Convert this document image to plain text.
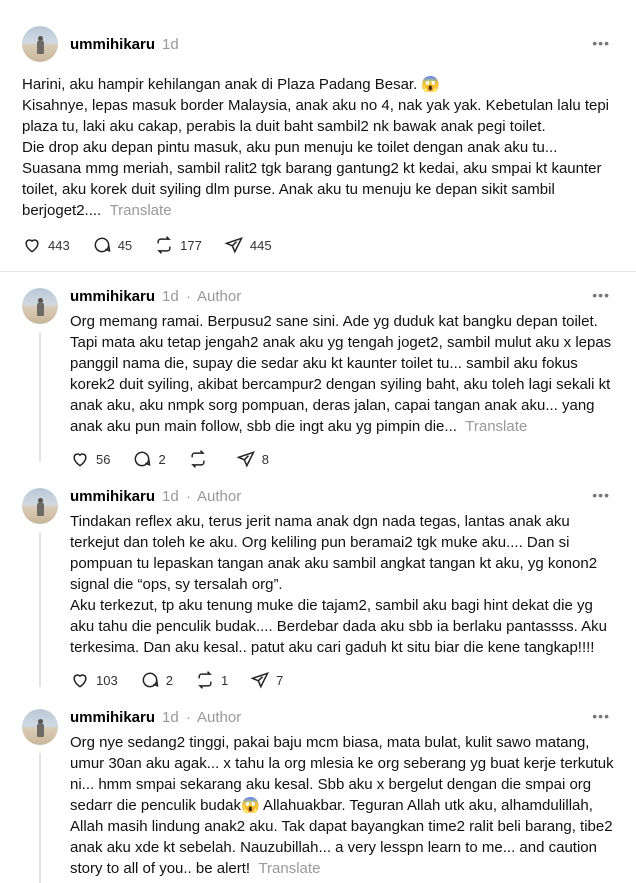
ummihikaru 1d	•••
Harini, aku hampir kehilangan anak di Plaza Padang Besar. 😱
Kisahnye, lepas masuk border Malaysia, anak aku no 4, nak yak yak. Kebetulan lalu tepi plaza tu, laki aku cakap, perabis la duit baht sambil2 nk bawak anak pegi toilet.
Die drop aku depan pintu masuk, aku pun menuju ke toilet dengan anak aku tu...
Suasana mmg meriah, sambil ralit2 tgk barang gantung2 kt kedai, aku smpai kt kaunter toilet, aku korek duit syiling dlm purse. Anak aku tu menuju ke depan sikit sambil berjoget2.... Translate
443	45	177	445
ummihikaru 1d · Author	•••
Org memang ramai. Berpusu2 sane sini. Ade yg duduk kat bangku depan toilet. Tapi mata aku tetap jengah2 anak aku yg tengah joget2, sambil mulut aku x lepas panggil nama die, supay die sedar aku kt kaunter toilet tu... sambil aku fokus korek2 duit syiling, akibat bercampur2 dengan syiling baht, aku toleh lagi sekali kt anak aku, aku nmpk sorg pompuan, deras jalan, capai tangan anak aku... yang anak aku pun main follow, sbb die ingt aku yg pimpin die... Translate
56	2	8
ummihikaru 1d · Author	•••
Tindakan reflex aku, terus jerit nama anak dgn nada tegas, lantas anak aku terkejut dan toleh ke aku. Org keliling pun beramai2 tgk muke aku.... Dan si pompuan tu lepaskan tangan anak aku sambil angkat tangan kt aku, yg konon2 signal die “ops, sy tersalah org”.
Aku terkezut, tp aku tenung muke die tajam2, sambil aku bagi hint dekat die yg aku tahu die penculik budak.... Berdebar dada aku sbb ia berlaku pantassss. Aku terkesima. Dan aku kesal.. patut aku cari gaduh kt situ biar die kene tangkap!!!!
103	2	1	7
ummihikaru 1d · Author	•••
Org nye sedang2 tinggi, pakai baju mcm biasa, mata bulat, kulit sawo matang, umur 30an aku agak... x tahu la org mlesia ke org seberang yg buat kerje terkutuk ni... hmm smpai sekarang aku kesal. Sbb aku x bergelut dengan die smpai org sedarr die penculik budak😱 Allahuakbar. Teguran Allah utk aku, alhamdulillah, Allah masih lindung anak2 aku. Tak dapat bayangkan time2 ralit beli barang, tibe2 anak aku xde kt sebelah. Nauzubillah... a very lesspn learn to me... and caution story to all of you.. be alert! Translate
